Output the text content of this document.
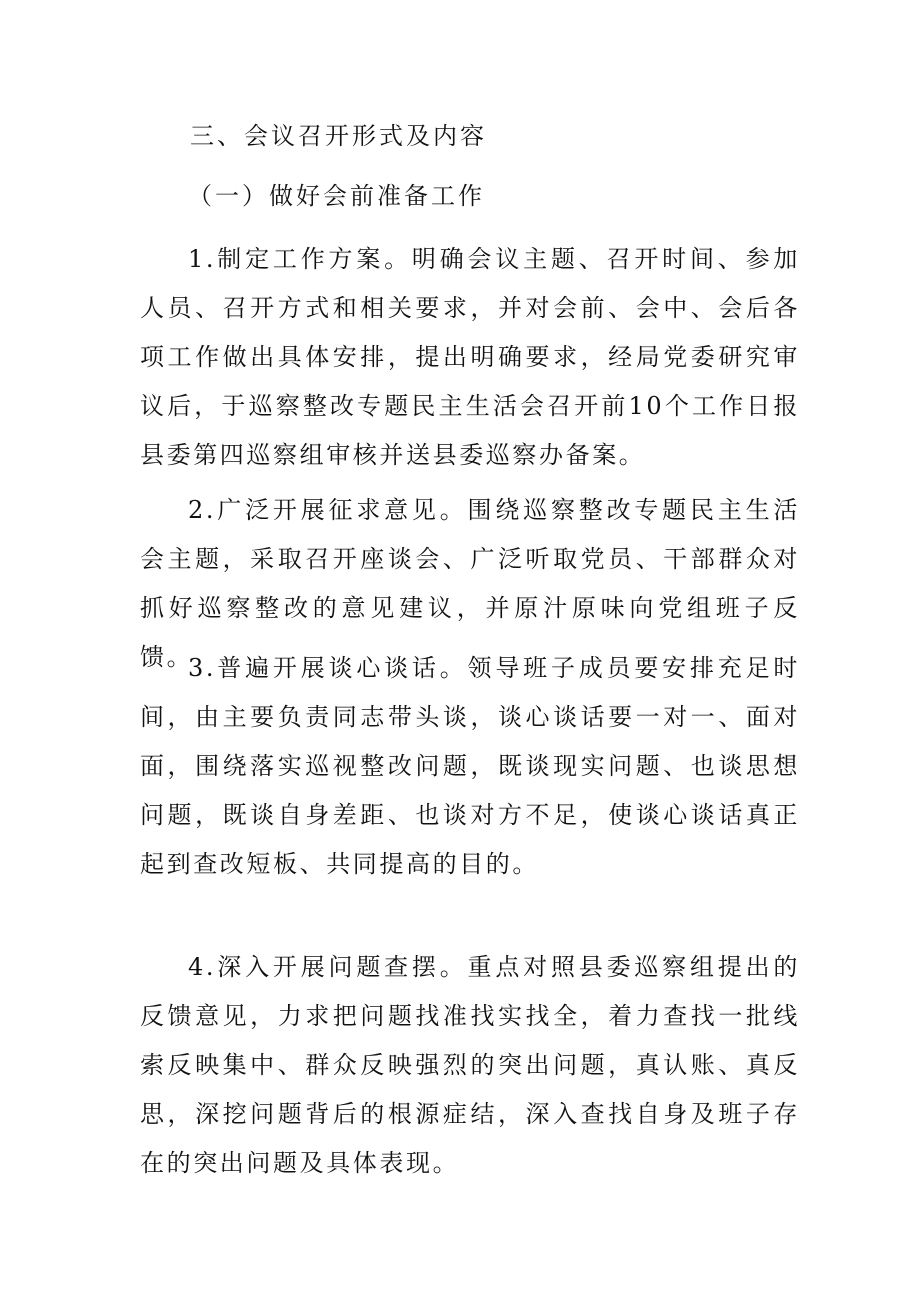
三、会议召开形式及内容
（一）做好会前准备工作

1.制定工作方案。明确会议主题、召开时间、参加人员、召开方式和相关要求，并对会前、会中、会后各项工作做出具体安排，提出明确要求，经局党委研究审议后，于巡察整改专题民主生活会召开前10个工作日报县委第四巡察组审核并送县委巡察办备案。

2.广泛开展征求意见。围绕巡察整改专题民主生活会主题，采取召开座谈会、广泛听取党员、干部群众对抓好巡察整改的意见建议，并原汁原味向党组班子反馈。

3.普遍开展谈心谈话。领导班子成员要安排充足时间，由主要负责同志带头谈，谈心谈话要一对一、面对面，围绕落实巡视整改问题，既谈现实问题、也谈思想问题，既谈自身差距、也谈对方不足，使谈心谈话真正起到查改短板、共同提高的目的。

4.深入开展问题查摆。重点对照县委巡察组提出的反馈意见，力求把问题找准找实找全，着力查找一批线索反映集中、群众反映强烈的突出问题，真认账、真反思，深挖问题背后的根源症结，深入查找自身及班子存在的突出问题及具体表现。
